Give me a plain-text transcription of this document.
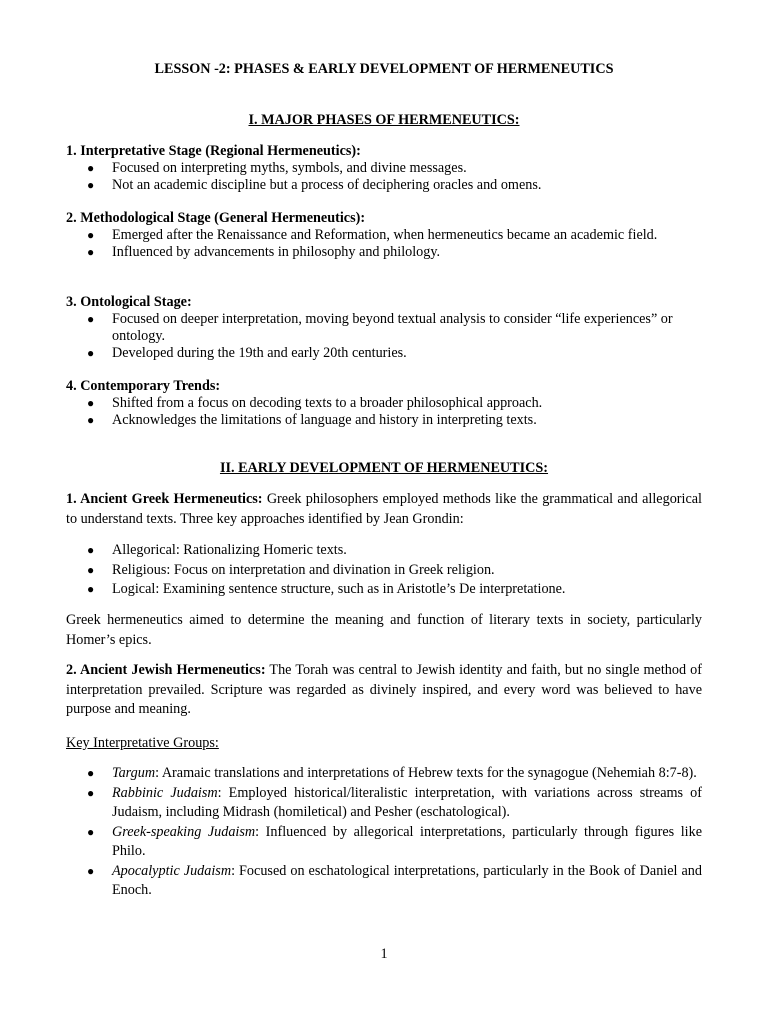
LESSON -2: PHASES & EARLY DEVELOPMENT OF HERMENEUTICS
I. MAJOR PHASES OF HERMENEUTICS:
1. Interpretative Stage (Regional Hermeneutics):
● Focused on interpreting myths, symbols, and divine messages.
● Not an academic discipline but a process of deciphering oracles and omens.
2. Methodological Stage (General Hermeneutics):
● Emerged after the Renaissance and Reformation, when hermeneutics became an academic field.
● Influenced by advancements in philosophy and philology.
3. Ontological Stage:
● Focused on deeper interpretation, moving beyond textual analysis to consider “life experiences” or ontology.
● Developed during the 19th and early 20th centuries.
4. Contemporary Trends:
● Shifted from a focus on decoding texts to a broader philosophical approach.
● Acknowledges the limitations of language and history in interpreting texts.
II. EARLY DEVELOPMENT OF HERMENEUTICS:
1. Ancient Greek Hermeneutics: Greek philosophers employed methods like the grammatical and allegorical to understand texts. Three key approaches identified by Jean Grondin:
● Allegorical: Rationalizing Homeric texts.
● Religious: Focus on interpretation and divination in Greek religion.
● Logical: Examining sentence structure, such as in Aristotle’s De interpretatione.
Greek hermeneutics aimed to determine the meaning and function of literary texts in society, particularly Homer’s epics.
2. Ancient Jewish Hermeneutics: The Torah was central to Jewish identity and faith, but no single method of interpretation prevailed. Scripture was regarded as divinely inspired, and every word was believed to have purpose and meaning.
Key Interpretative Groups:
● Targum: Aramaic translations and interpretations of Hebrew texts for the synagogue (Nehemiah 8:7-8).
● Rabbinic Judaism: Employed historical/literalistic interpretation, with variations across streams of Judaism, including Midrash (homiletical) and Pesher (eschatological).
● Greek-speaking Judaism: Influenced by allegorical interpretations, particularly through figures like Philo.
● Apocalyptic Judaism: Focused on eschatological interpretations, particularly in the Book of Daniel and Enoch.
1
